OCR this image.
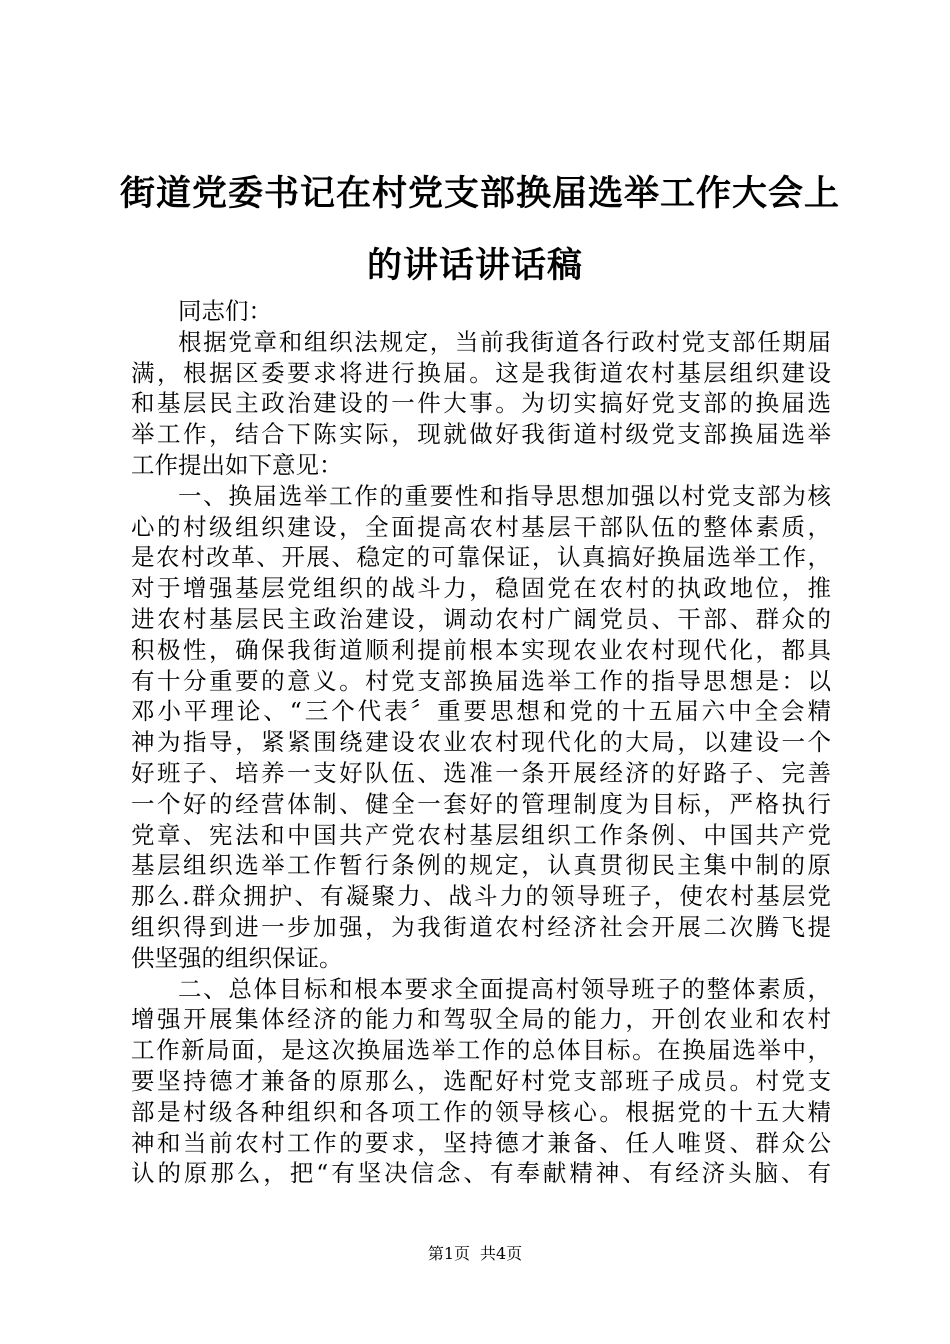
街道党委书记在村党支部换届选举工作大会上
的讲话讲话稿
同志们：
根据党章和组织法规定，当前我街道各行政村党支部任期届
满，根据区委要求将进行换届。这是我街道农村基层组织建设
和基层民主政治建设的一件大事。为切实搞好党支部的换届选
举工作，结合下陈实际，现就做好我街道村级党支部换届选举
工作提出如下意见：
一、换届选举工作的重要性和指导思想加强以村党支部为核
心的村级组织建设，全面提高农村基层干部队伍的整体素质，
是农村改革、开展、稳定的可靠保证，认真搞好换届选举工作，
对于增强基层党组织的战斗力，稳固党在农村的执政地位，推
进农村基层民主政治建设，调动农村广阔党员、干部、群众的
积极性，确保我街道顺利提前根本实现农业农村现代化，都具
有十分重要的意义。村党支部换届选举工作的指导思想是：以
邓小平理论、“三个代表〞重要思想和党的十五届六中全会精
神为指导，紧紧围绕建设农业农村现代化的大局，以建设一个
好班子、培养一支好队伍、选准一条开展经济的好路子、完善
一个好的经营体制、健全一套好的管理制度为目标，严格执行
党章、宪法和中国共产党农村基层组织工作条例、中国共产党
基层组织选举工作暂行条例的规定，认真贯彻民主集中制的原
那么.群众拥护、有凝聚力、战斗力的领导班子，使农村基层党
组织得到进一步加强，为我街道农村经济社会开展二次腾飞提
供坚强的组织保证。
二、总体目标和根本要求全面提高村领导班子的整体素质，
增强开展集体经济的能力和驾驭全局的能力，开创农业和农村
工作新局面，是这次换届选举工作的总体目标。在换届选举中，
要坚持德才兼备的原那么，选配好村党支部班子成员。村党支
部是村级各种组织和各项工作的领导核心。根据党的十五大精
神和当前农村工作的要求，坚持德才兼备、任人唯贤、群众公
认的原那么，把“有坚决信念、有奉献精神、有经济头脑、有
第1页 共4页
